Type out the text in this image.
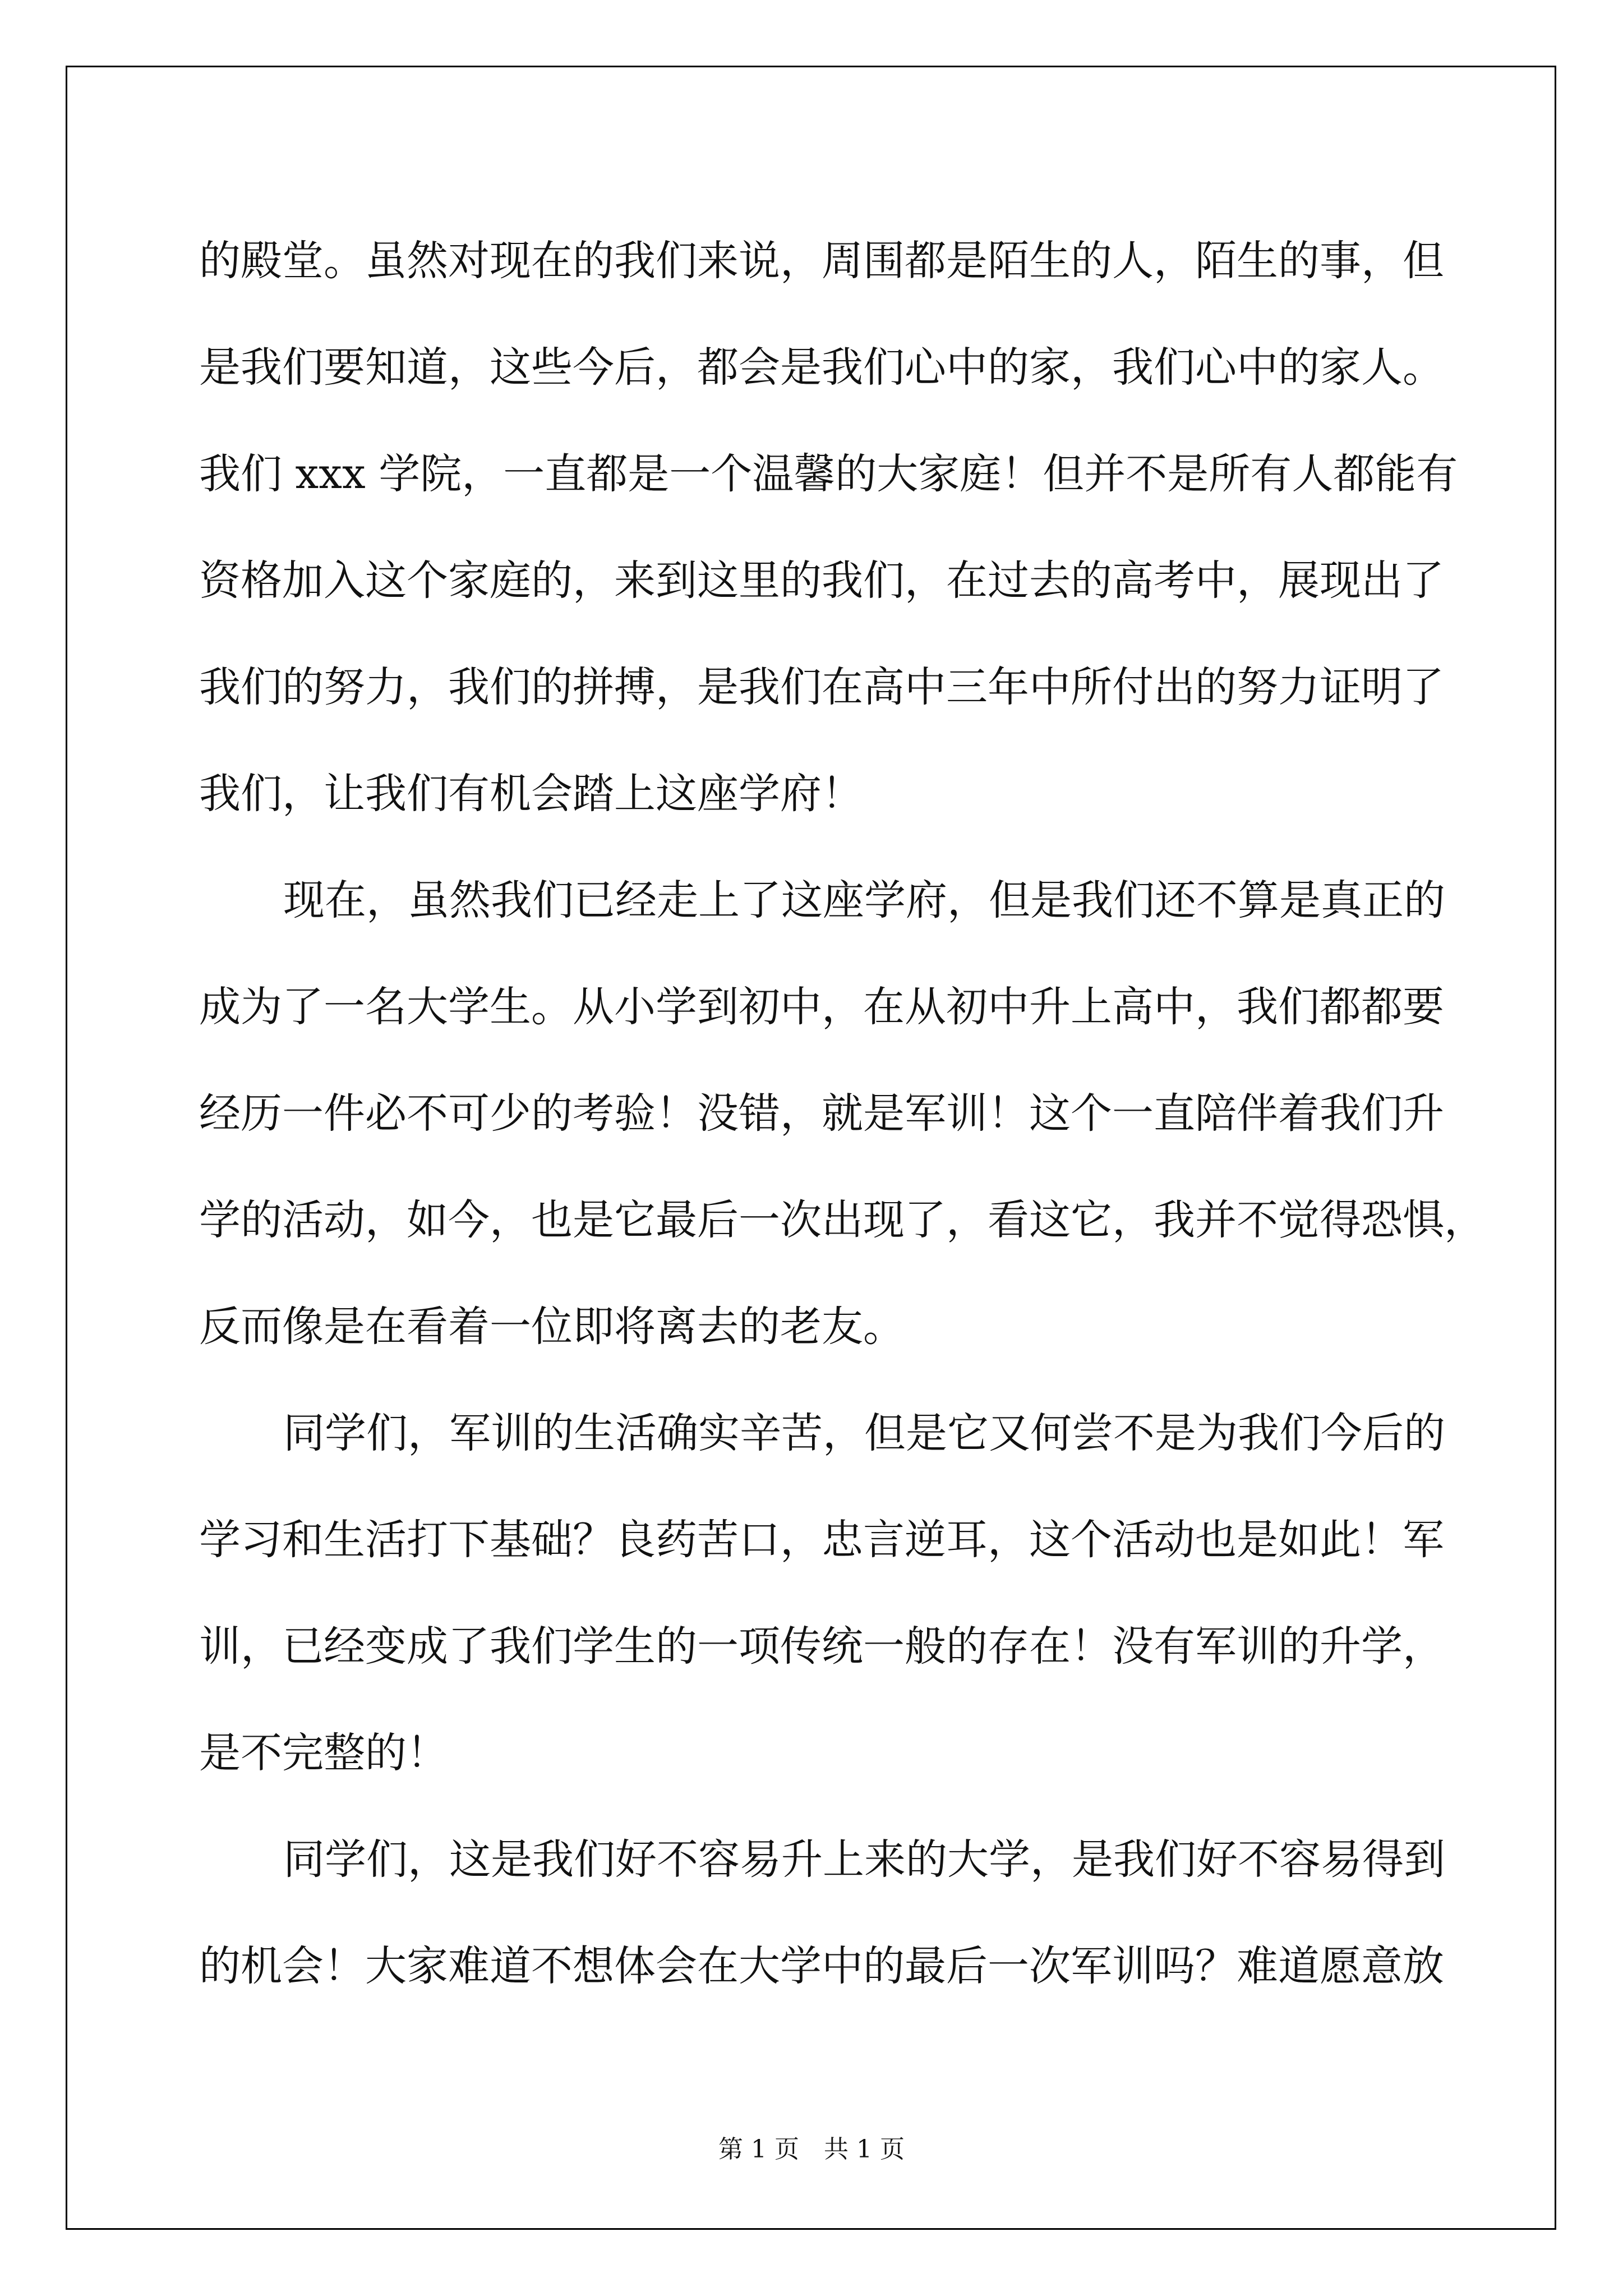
的殿堂。虽然对现在的我们来说，周围都是陌生的人，陌生的事，但
是我们要知道，这些今后，都会是我们心中的家，我们心中的家人。
我们 xxx 学院，一直都是一个温馨的大家庭！但并不是所有人都能有
资格加入这个家庭的，来到这里的我们，在过去的高考中，展现出了
我们的努力，我们的拼搏，是我们在高中三年中所付出的努力证明了
我们，让我们有机会踏上这座学府！
现在，虽然我们已经走上了这座学府，但是我们还不算是真正的
成为了一名大学生。从小学到初中，在从初中升上高中，我们都都要
经历一件必不可少的考验！没错，就是军训！这个一直陪伴着我们升
学的活动，如今，也是它最后一次出现了，看这它，我并不觉得恐惧，
反而像是在看着一位即将离去的老友。
同学们，军训的生活确实辛苦，但是它又何尝不是为我们今后的
学习和生活打下基础？良药苦口，忠言逆耳，这个活动也是如此！军
训，已经变成了我们学生的一项传统一般的存在！没有军训的升学，
是不完整的！
同学们，这是我们好不容易升上来的大学，是我们好不容易得到
的机会！大家难道不想体会在大学中的最后一次军训吗？难道愿意放
第 1 页　共 1 页
